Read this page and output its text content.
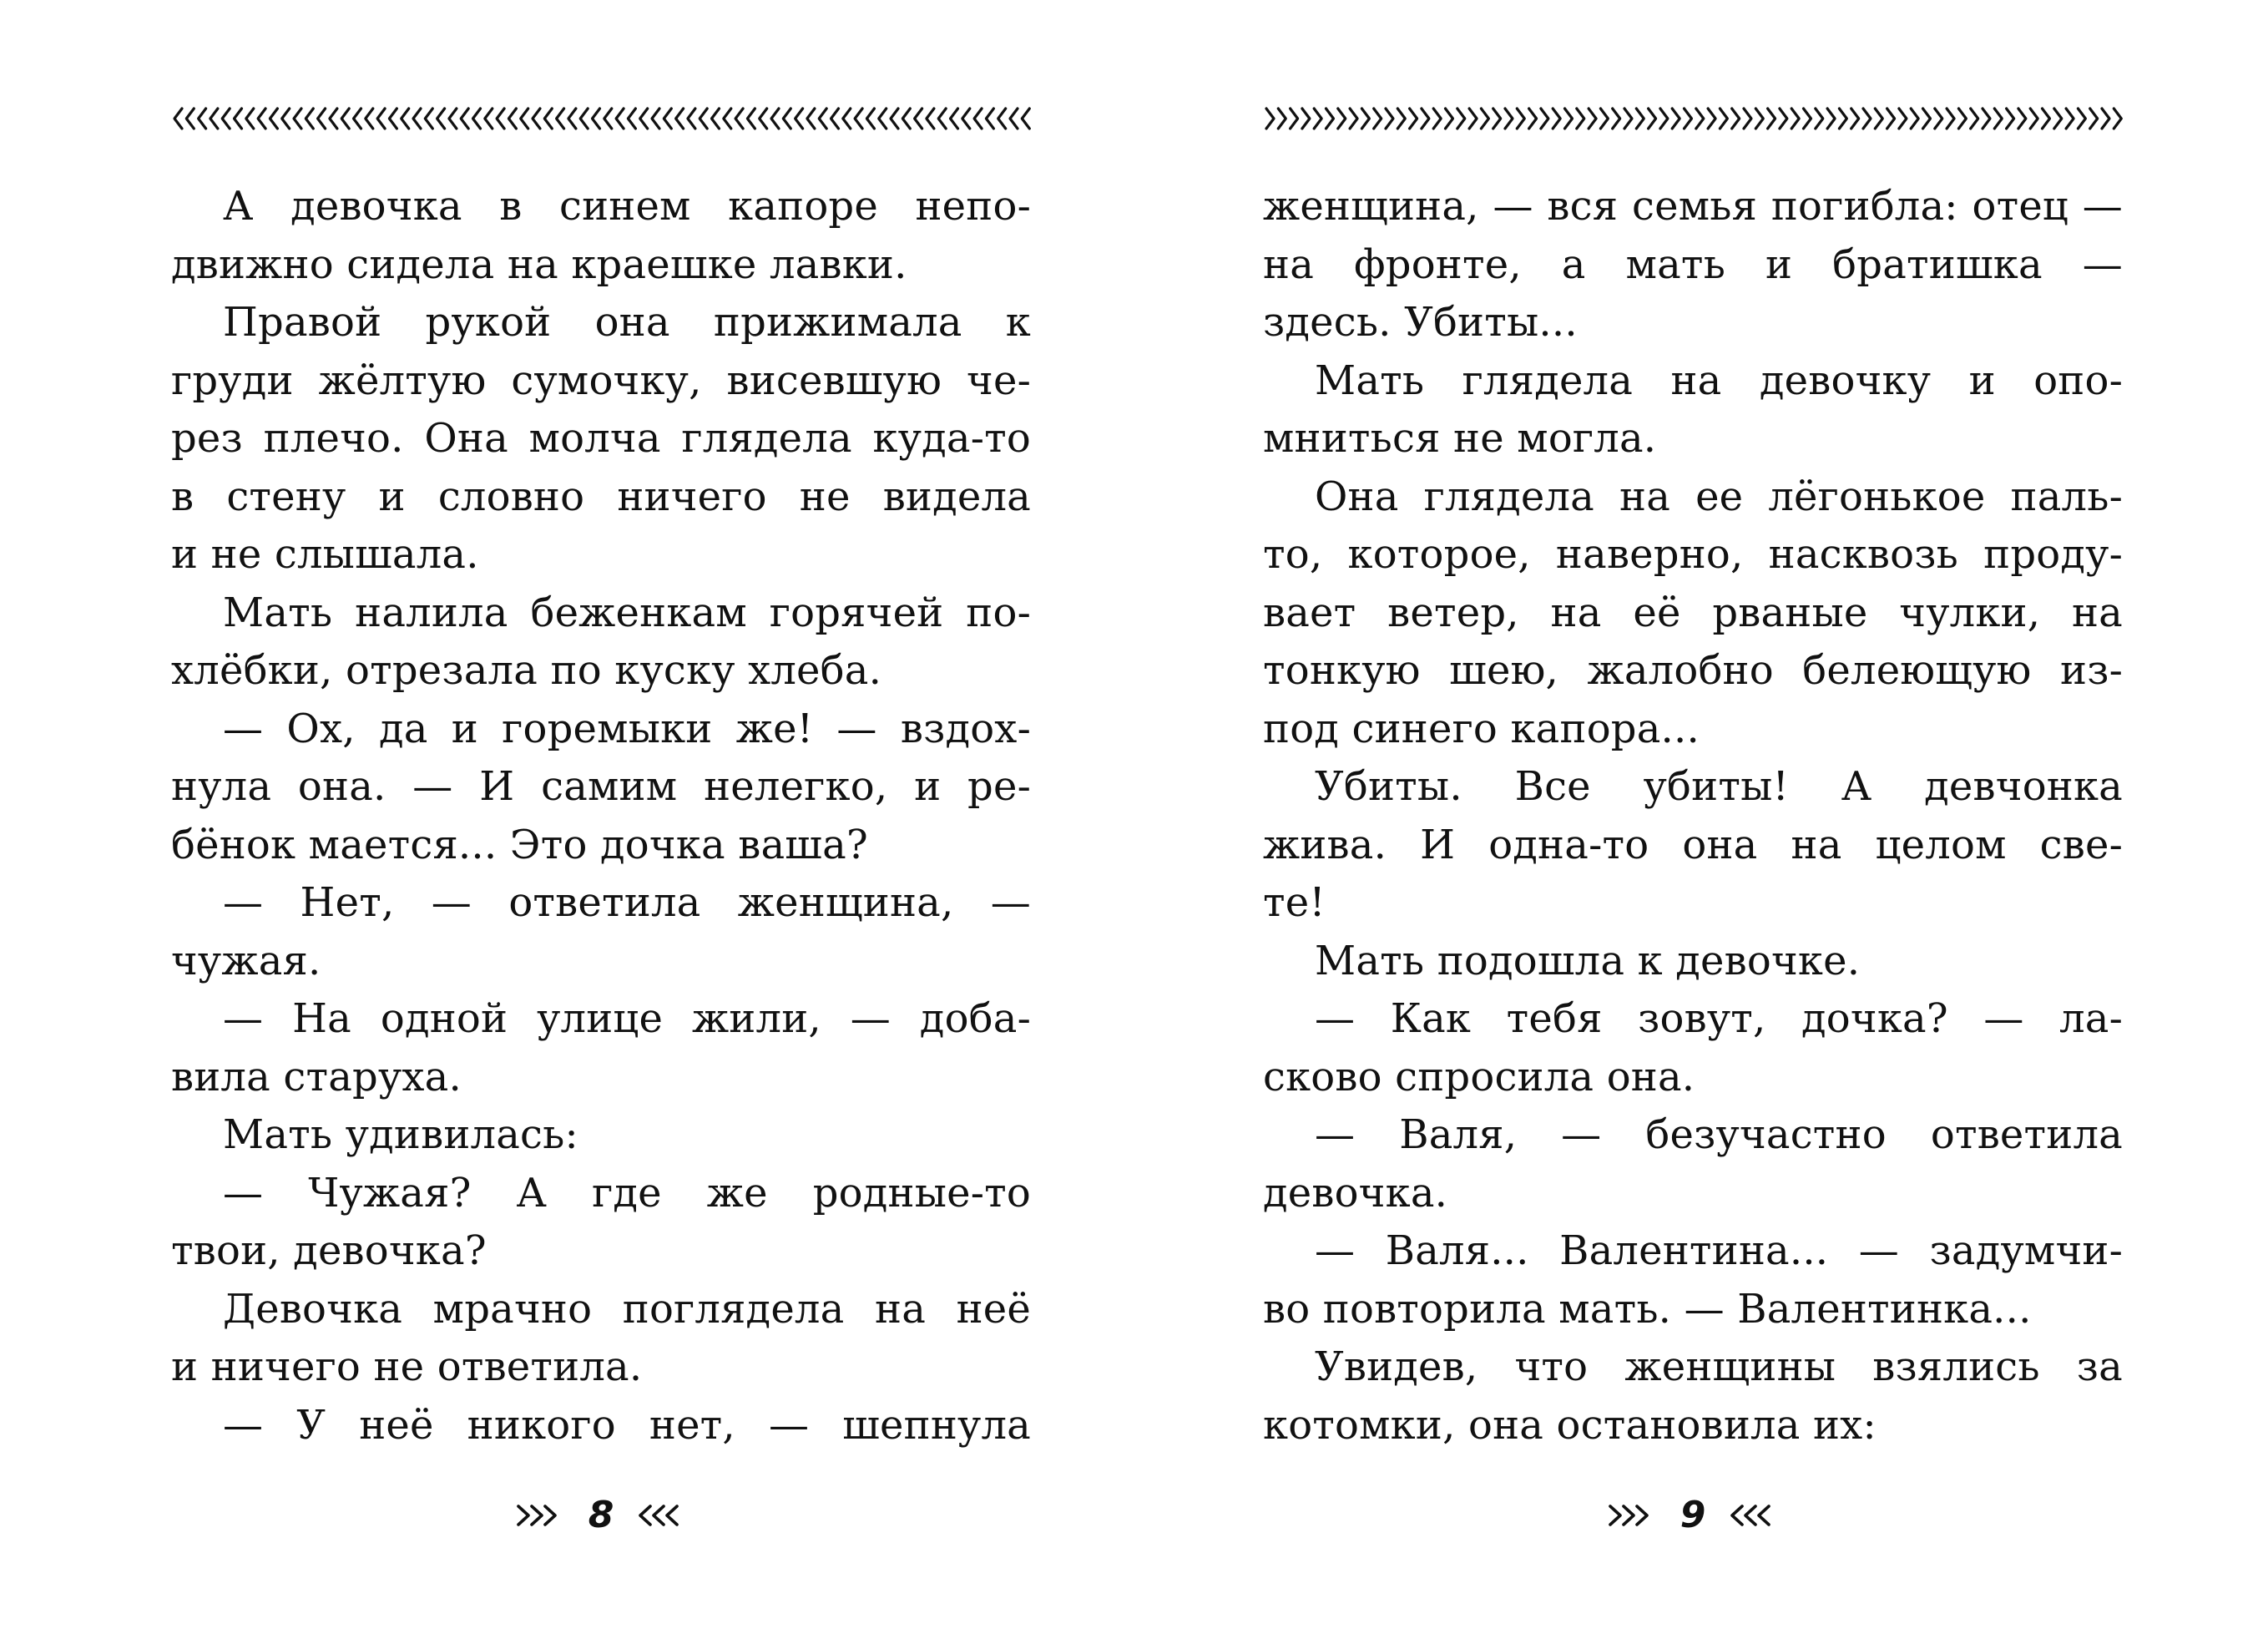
А девочка в синем капоре непо-

движно сидела на краешке лавки.

Правой рукой она прижимала к

груди жёлтую сумочку, висевшую че-

рез плечо. Она молча глядела куда-то

в стену и словно ничего не видела

и не слышала.

Мать налила беженкам горячей по-

хлёбки, отрезала по куску хлеба.

— Ох, да и горемыки же! — вздох-

нула она. — И самим нелегко, и ре-

бёнок мается... Это дочка ваша?

— Нет, — ответила женщина, —

чужая.

— На одной улице жили, — доба-

вила старуха.

Мать удивилась:

— Чужая? А где же родные-то

твои, девочка?

Девочка мрачно поглядела на неё

и ничего не ответила.

— У неё никого нет, — шепнула

8

женщина, — вся семья погибла: отец —

на фронте, а мать и братишка —

здесь. Убиты...

Мать глядела на девочку и опо-

мниться не могла.

Она глядела на ее лёгонькое паль-

то, которое, наверно, насквозь проду-

вает ветер, на её рваные чулки, на

тонкую шею, жалобно белеющую из-

под синего капора...

Убиты. Все убиты! А девчонка

жива. И одна-то она на целом све-

те!

Мать подошла к девочке.

— Как тебя зовут, дочка? — ла-

сково спросила она.

— Валя, — безучастно ответила

девочка.

— Валя... Валентина... — задумчи-

во повторила мать. — Валентинка...

Увидев, что женщины взялись за

котомки, она остановила их:

9
